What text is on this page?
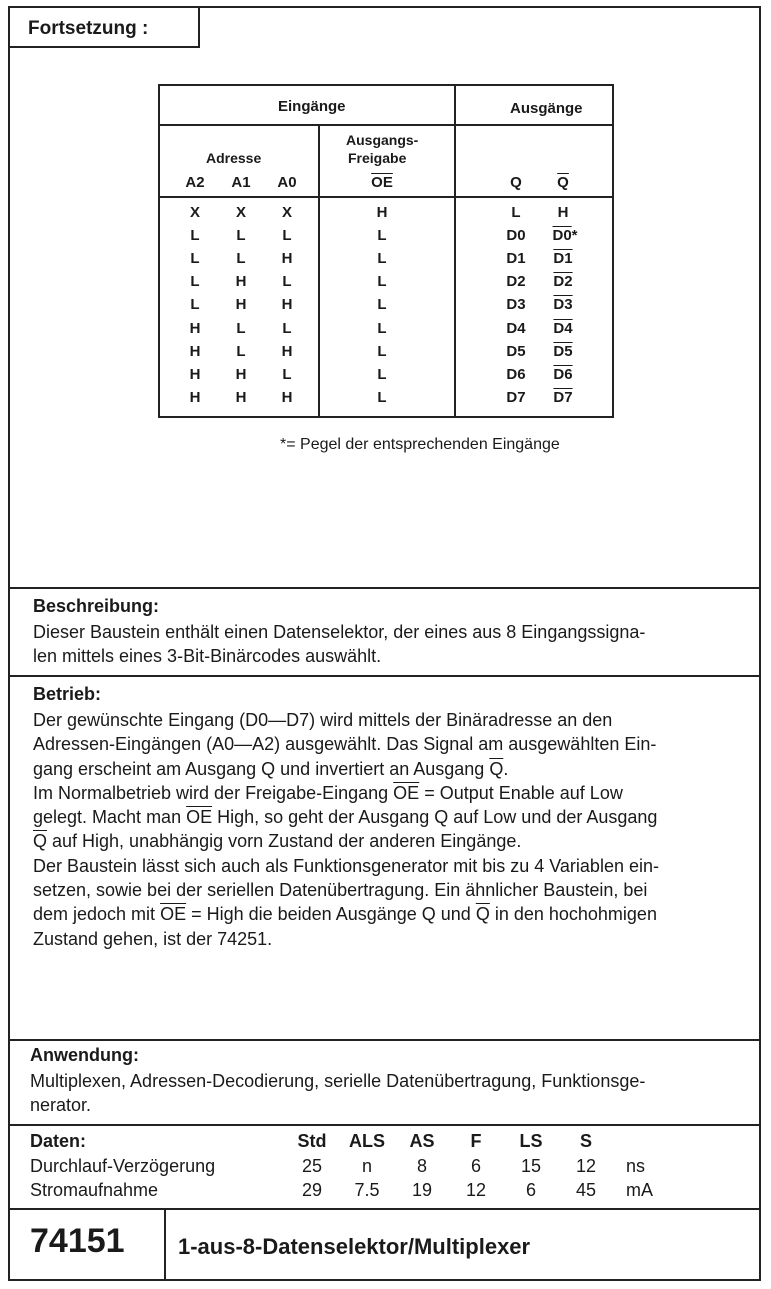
Fortsetzung :
Eingänge	Ausgänge
Adresse
Ausgangs-
Freigabe
A2	A1	A0	$\overline{OE}$	Q	$\overline{Q}$
X	X	X	H	L	H
L	L	L	L	D0	D0*
L	L	H	L	D1	D1
L	H	L	L	D2	D2
L	H	H	L	D3	D3
H	L	L	L	D4	D4
H	L	H	L	D5	D5
H	H	L	L	D6	D6
H	H	H	L	D7	D7
*= Pegel der entsprechenden Eingänge
Beschreibung:
Dieser Baustein enthält einen Datenselektor, der eines aus 8 Eingangssigna-
len mittels eines 3-Bit-Binärcodes auswählt.
Betrieb:
Der gewünschte Eingang (D0—D7) wird mittels der Binäradresse an den
Adressen-Eingängen (A0—A2) ausgewählt. Das Signal am ausgewählten Ein-
gang erscheint am Ausgang Q und invertiert an Ausgang $\overline{Q}$.
Im Normalbetrieb wird der Freigabe-Eingang $\overline{OE}$ = Output Enable auf Low
gelegt. Macht man $\overline{OE}$ High, so geht der Ausgang Q auf Low und der Ausgang
$\overline{Q}$ auf High, unabhängig vorn Zustand der anderen Eingänge.
Der Baustein lässt sich auch als Funktionsgenerator mit bis zu 4 Variablen ein-
setzen, sowie bei der seriellen Datenübertragung. Ein ähnlicher Baustein, bei
dem jedoch mit $\overline{OE}$ = High die beiden Ausgänge Q und $\overline{Q}$ in den hochohmigen
Zustand gehen, ist der 74251.
Anwendung:
Multiplexen, Adressen-Decodierung, serielle Datenübertragung, Funktionsge-
nerator.
Daten:	Std	ALS	AS	F	LS	S
Durchlauf-Verzögerung	25	n	8	6	15	12	ns
Stromaufnahme	29	7.5	19	12	6	45	mA
74151 1-aus-8-Datenselektor/Multiplexer
